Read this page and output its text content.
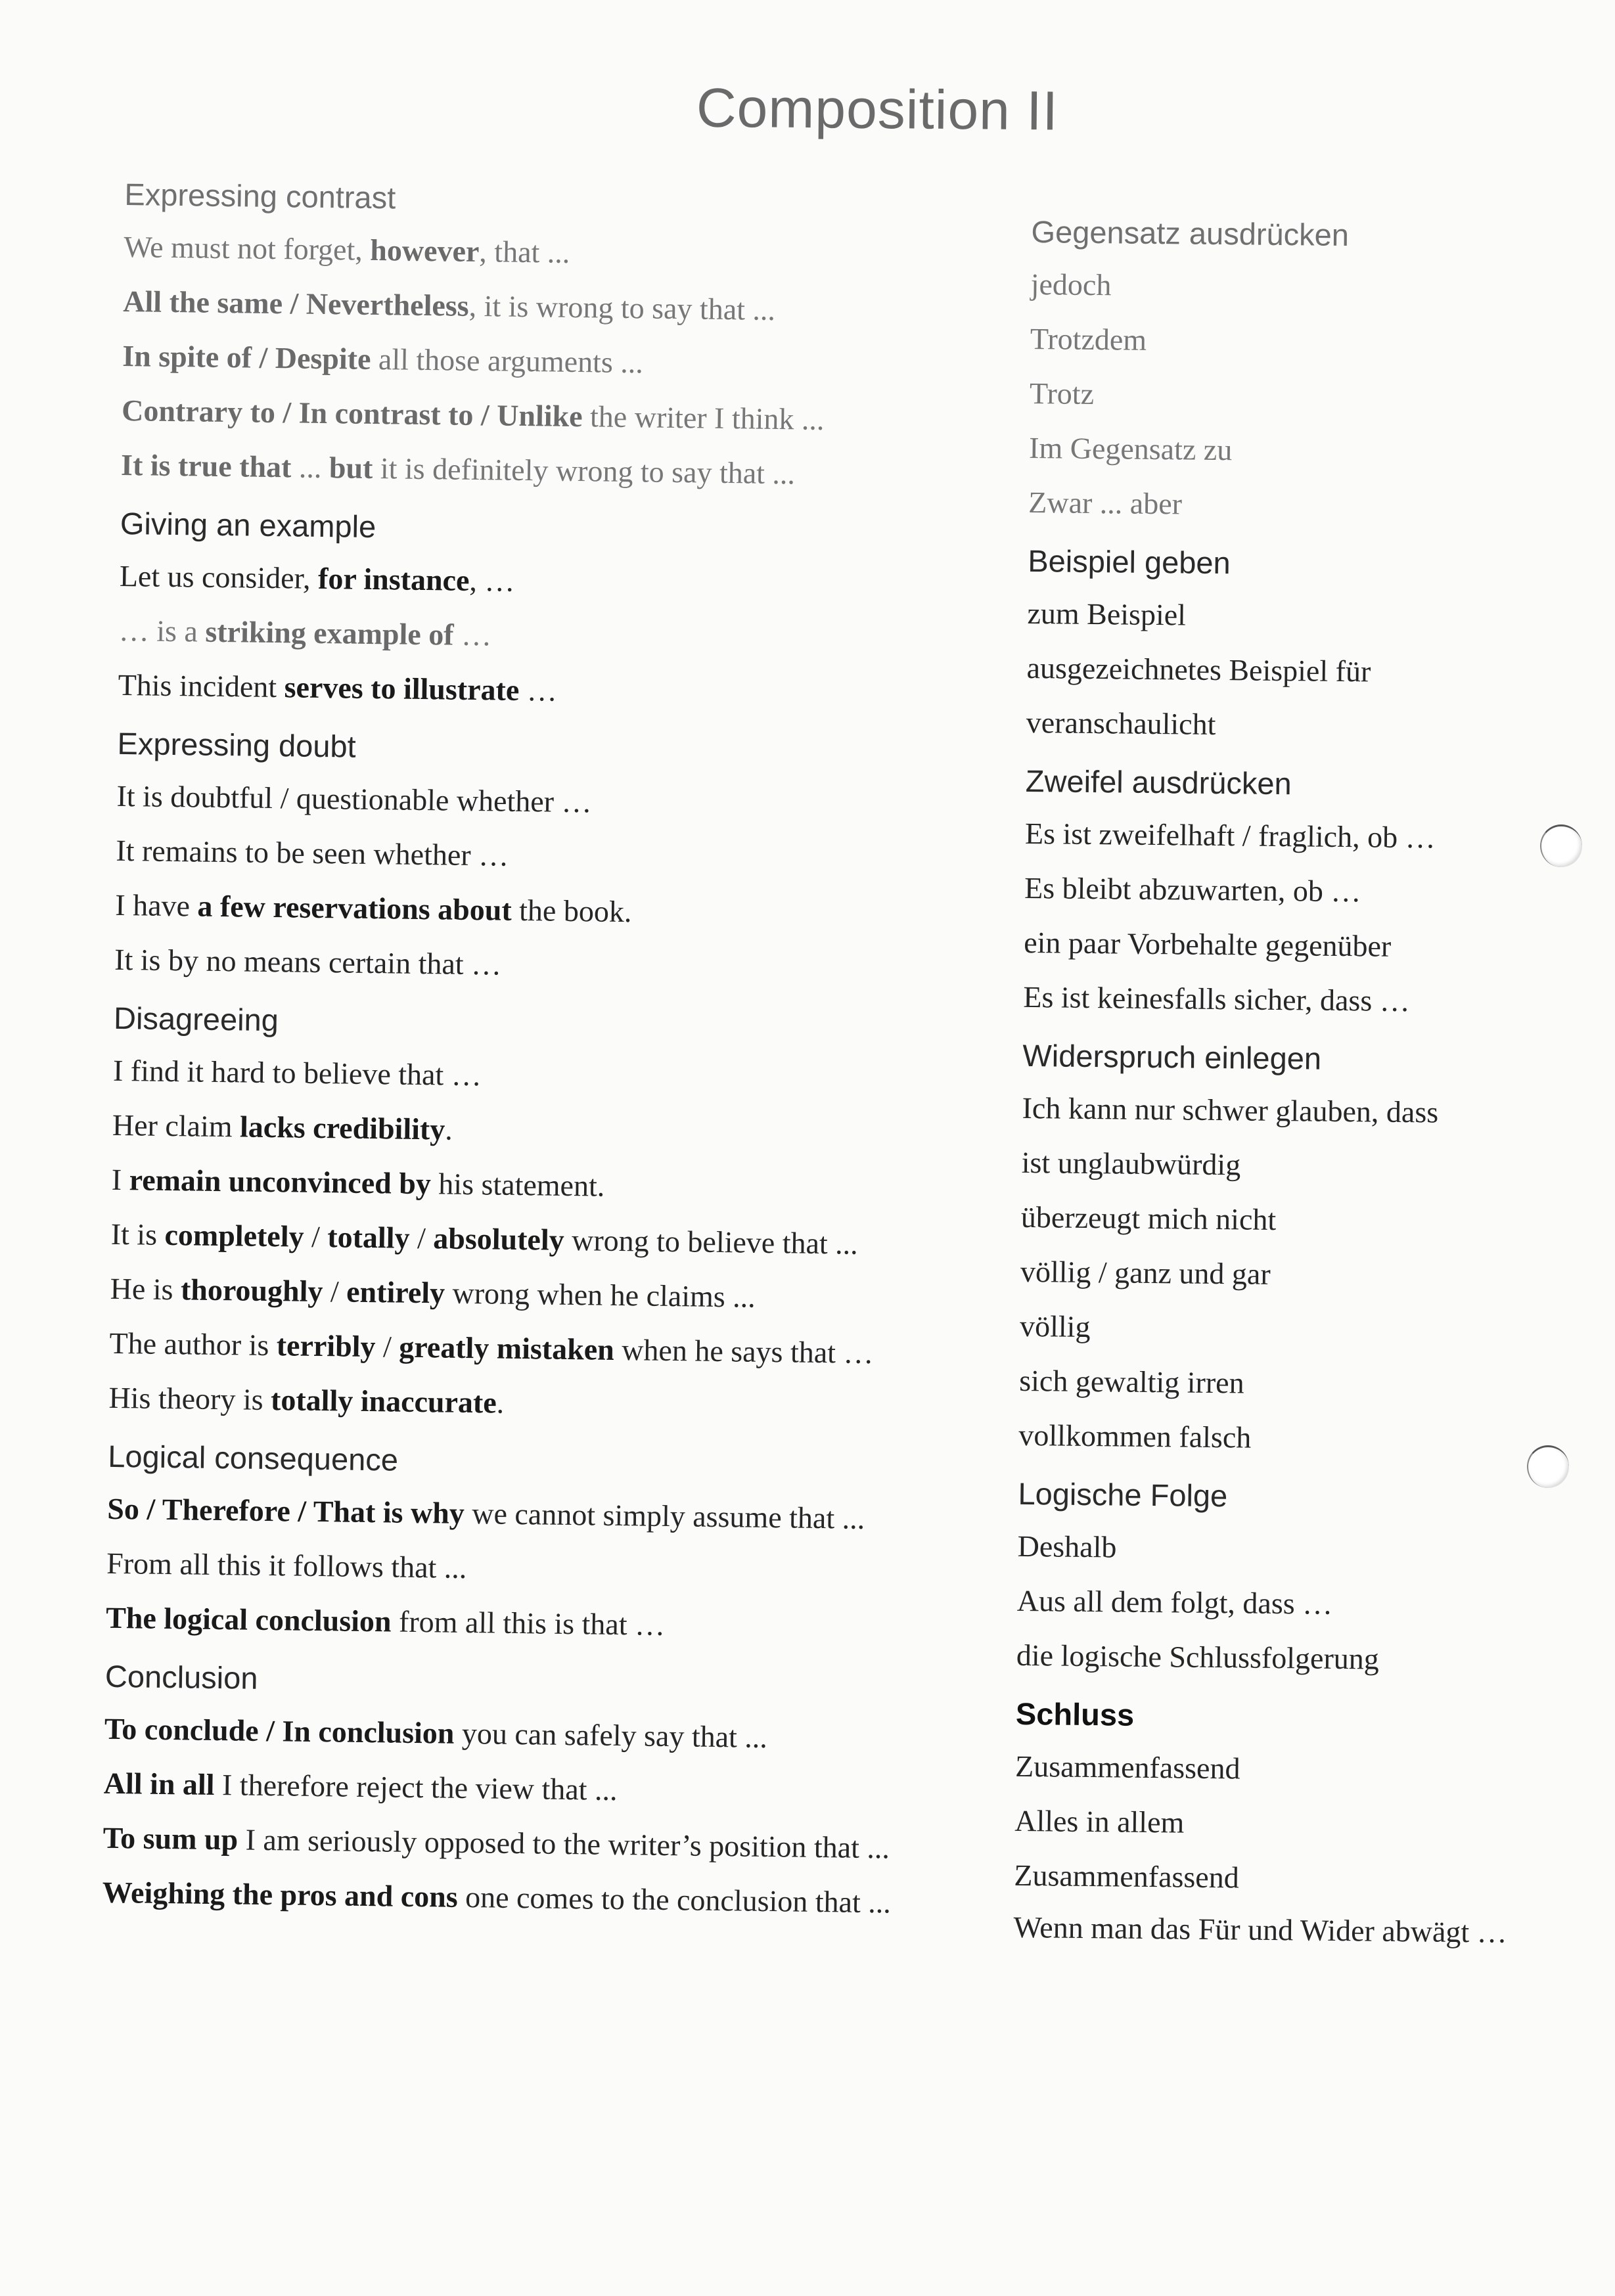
Composition II
Expressing contrast
We must not forget, however, that ...
All the same / Nevertheless, it is wrong to say that ...
In spite of / Despite all those arguments ...
Contrary to / In contrast to / Unlike the writer I think ...
It is true that ... but it is definitely wrong to say that ...
Giving an example
Let us consider, for instance, …
… is a striking example of …
This incident serves to illustrate …
Expressing doubt
It is doubtful / questionable whether …
It remains to be seen whether …
I have a few reservations about the book.
It is by no means certain that …
Disagreeing
I find it hard to believe that …
Her claim lacks credibility.
I remain unconvinced by his statement.
It is completely / totally / absolutely wrong to believe that ...
He is thoroughly / entirely wrong when he claims ...
The author is terribly / greatly mistaken when he says that …
His theory is totally inaccurate.
Logical consequence
So / Therefore / That is why we cannot simply assume that ...
From all this it follows that ...
The logical conclusion from all this is that …
Conclusion
To conclude / In conclusion you can safely say that ...
All in all I therefore reject the view that ...
To sum up I am seriously opposed to the writer’s position that ...
Weighing the pros and cons one comes to the conclusion that ...
Gegensatz ausdrücken
jedoch
Trotzdem
Trotz
Im Gegensatz zu
Zwar ... aber
Beispiel geben
zum Beispiel
ausgezeichnetes Beispiel für
veranschaulicht
Zweifel ausdrücken
Es ist zweifelhaft / fraglich, ob …
Es bleibt abzuwarten, ob …
ein paar Vorbehalte gegenüber
Es ist keinesfalls sicher, dass …
Widerspruch einlegen
Ich kann nur schwer glauben, dass
ist unglaubwürdig
überzeugt mich nicht
völlig / ganz und gar
völlig
sich gewaltig irren
vollkommen falsch
Logische Folge
Deshalb
Aus all dem folgt, dass …
die logische Schlussfolgerung
Schluss
Zusammenfassend
Alles in allem
Zusammenfassend
Wenn man das Für und Wider abwägt …
